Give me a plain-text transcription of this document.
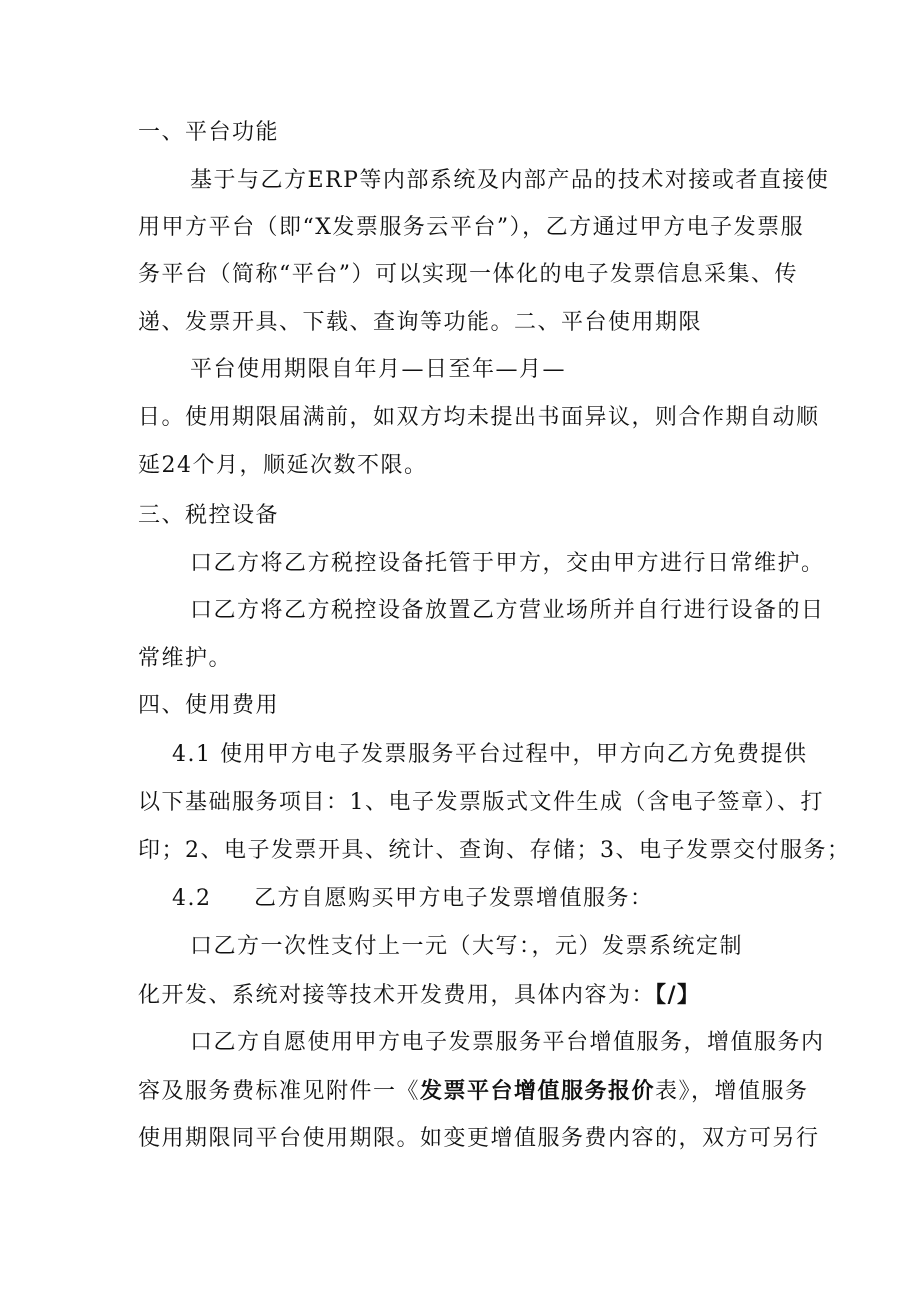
一、平台功能
基于与乙方ERP等内部系统及内部产品的技术对接或者直接使
用甲方平台（即“X发票服务云平台”），乙方通过甲方电子发票服
务平台（简称“平台”）可以实现一体化的电子发票信息采集、传
递、发票开具、下载、查询等功能。二、平台使用期限
平台使用期限自年月—日至年—月—
日。使用期限届满前，如双方均未提出书面异议，则合作期自动顺
延24个月，顺延次数不限。
三、税控设备
口乙方将乙方税控设备托管于甲方，交由甲方进行日常维护。
口乙方将乙方税控设备放置乙方营业场所并自行进行设备的日
常维护。
四、使用费用
4.1 使用甲方电子发票服务平台过程中，甲方向乙方免费提供
以下基础服务项目：1、电子发票版式文件生成（含电子签章）、打
印；2、电子发票开具、统计、查询、存储；3、电子发票交付服务；
4.2 乙方自愿购买甲方电子发票增值服务：
口乙方一次性支付上一元（大写：，元）发票系统定制
化开发、系统对接等技术开发费用，具体内容为：【/】
口乙方自愿使用甲方电子发票服务平台增值服务，增值服务内
容及服务费标准见附件一《发票平台增值服务报价表》，增值服务
使用期限同平台使用期限。如变更增值服务费内容的，双方可另行
